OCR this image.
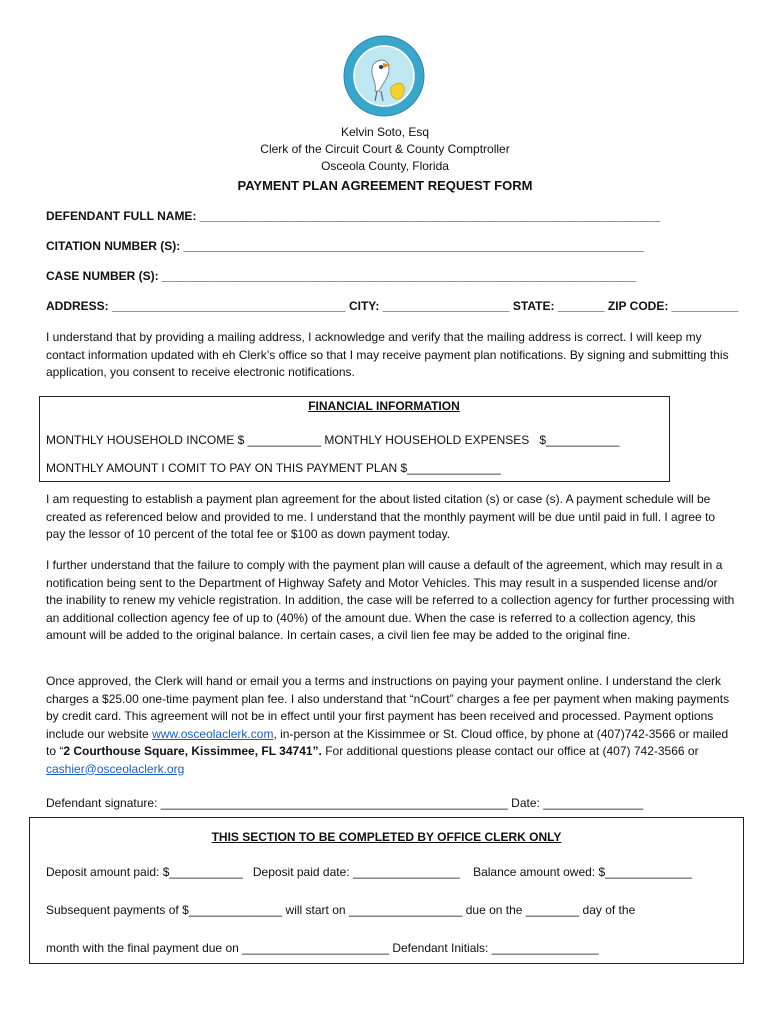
Kelvin Soto, Esq
Clerk of the Circuit Court & County Comptroller
Osceola County, Florida
PAYMENT PLAN AGREEMENT REQUEST FORM
DEFENDANT FULL NAME: _____________________________________________________________________
CITATION NUMBER (S): _____________________________________________________________________
CASE NUMBER (S): _______________________________________________________________________
ADDRESS: ___________________________________ CITY: ___________________ STATE: _______ ZIP CODE: __________
I understand that by providing a mailing address, I acknowledge and verify that the mailing address is correct. I will keep my contact information updated with eh Clerk’s office so that I may receive payment plan notifications. By signing and submitting this application, you consent to receive electronic notifications.
FINANCIAL INFORMATION
MONTHLY HOUSEHOLD INCOME $ ___________ MONTHLY HOUSEHOLD EXPENSES   $___________
MONTHLY AMOUNT I COMIT TO PAY ON THIS PAYMENT PLAN $______________
I am requesting to establish a payment plan agreement for the about listed citation (s) or case (s). A payment schedule will be created as referenced below and provided to me. I understand that the monthly payment will be due until paid in full. I agree to pay the lessor of 10 percent of the total fee or $100 as down payment today.
I further understand that the failure to comply with the payment plan will cause a default of the agreement, which may result in a notification being sent to the Department of Highway Safety and Motor Vehicles. This may result in a suspended license and/or the inability to renew my vehicle registration. In addition, the case will be referred to a collection agency for further processing with an additional collection agency fee of up to (40%) of the amount due. When the case is referred to a collection agency, this amount will be added to the original balance. In certain cases, a civil lien fee may be added to the original fine.
Once approved, the Clerk will hand or email you a terms and instructions on paying your payment online. I understand the clerk charges a $25.00 one-time payment plan fee. I also understand that “nCourt” charges a fee per payment when making payments by credit card. This agreement will not be in effect until your first payment has been received and processed. Payment options include our website www.osceolaclerk.com, in-person at the Kissimmee or St. Cloud office, by phone at (407)742-3566 or mailed to “2 Courthouse Square, Kissimmee, FL 34741”. For additional questions please contact our office at (407) 742-3566 or cashier@osceolaclerk.org
Defendant signature: ____________________________________________________ Date: _______________
THIS SECTION TO BE COMPLETED BY OFFICE CLERK ONLY
Deposit amount paid: $___________ Deposit paid date: ________________ Balance amount owed: $_____________
Subsequent payments of $______________ will start on _________________ due on the ________ day of the
month with the final payment due on ______________________ Defendant Initials: ________________
